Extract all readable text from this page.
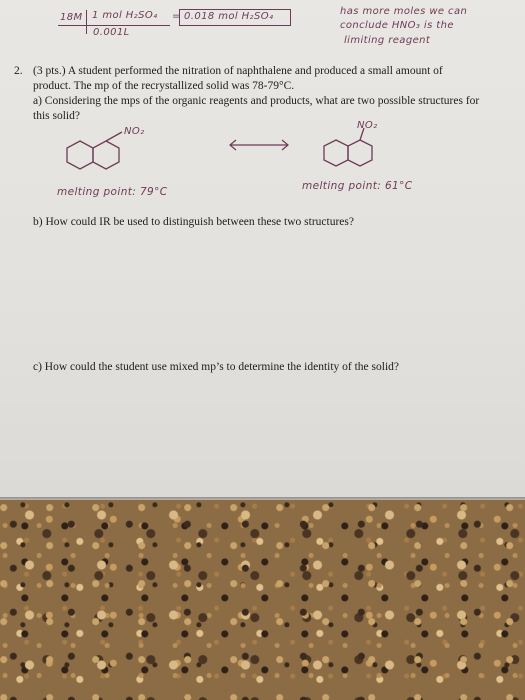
18M 1 mol H₂SO₄
0.001L
= 0.018 mol H₂SO₄	has more moles we can
conclude HNO₃ is the
limiting reagent
2. (3 pts.) A student performed the nitration of naphthalene and produced a small amount of
product. The mp of the recrystallized solid was 78-79°C.
a) Considering the mps of the organic reagents and products, what are two possible structures for
this solid?
NO₂
NO₂
melting point: 79°C	melting point: 61°C
b) How could IR be used to distinguish between these two structures?
c) How could the student use mixed mp’s to determine the identity of the solid?
